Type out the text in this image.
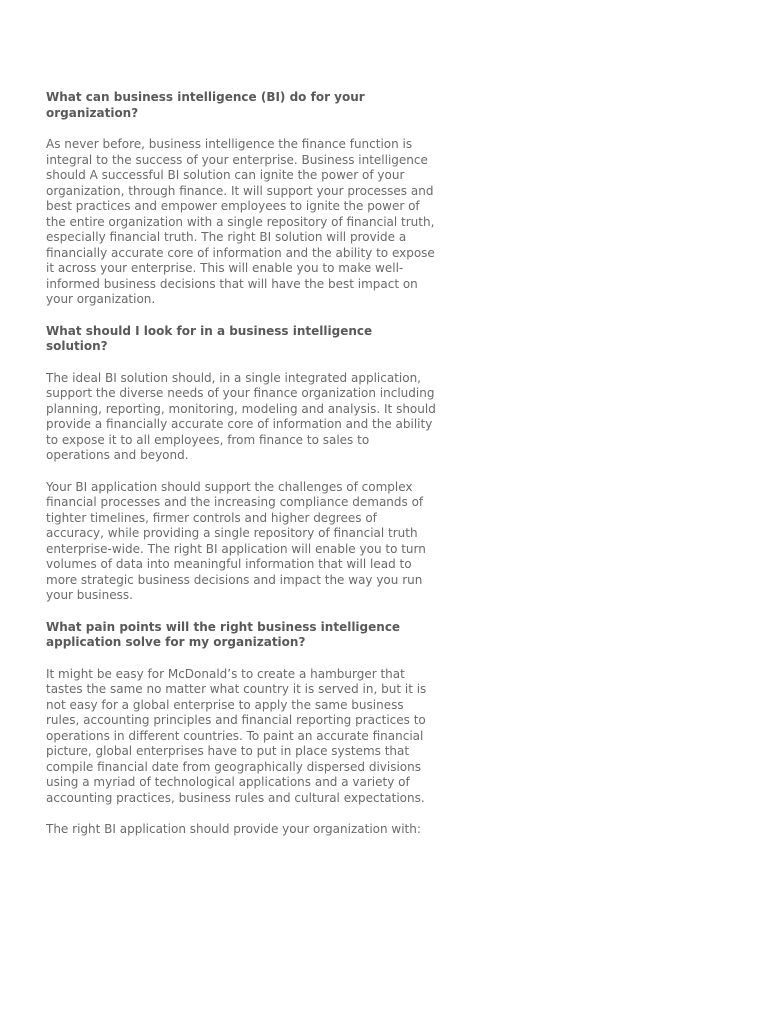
What can business intelligence (BI) do for your organization?

As never before, business intelligence the finance function is integral to the success of your enterprise. Business intelligence should A successful BI solution can ignite the power of your organization, through finance. It will support your processes and best practices and empower employees to ignite the power of the entire organization with a single repository of financial truth, especially financial truth. The right BI solution will provide a financially accurate core of information and the ability to expose it across your enterprise. This will enable you to make well-informed business decisions that will have the best impact on your organization.

What should I look for in a business intelligence solution?

The ideal BI solution should, in a single integrated application, support the diverse needs of your finance organization including planning, reporting, monitoring, modeling and analysis. It should provide a financially accurate core of information and the ability to expose it to all employees, from finance to sales to operations and beyond.

Your BI application should support the challenges of complex financial processes and the increasing compliance demands of tighter timelines, firmer controls and higher degrees of accuracy, while providing a single repository of financial truth enterprise-wide. The right BI application will enable you to turn volumes of data into meaningful information that will lead to more strategic business decisions and impact the way you run your business.

What pain points will the right business intelligence application solve for my organization?

It might be easy for McDonald’s to create a hamburger that tastes the same no matter what country it is served in, but it is not easy for a global enterprise to apply the same business rules, accounting principles and financial reporting practices to operations in different countries. To paint an accurate financial picture, global enterprises have to put in place systems that compile financial date from geographically dispersed divisions using a myriad of technological applications and a variety of accounting practices, business rules and cultural expectations.

The right BI application should provide your organization with:
